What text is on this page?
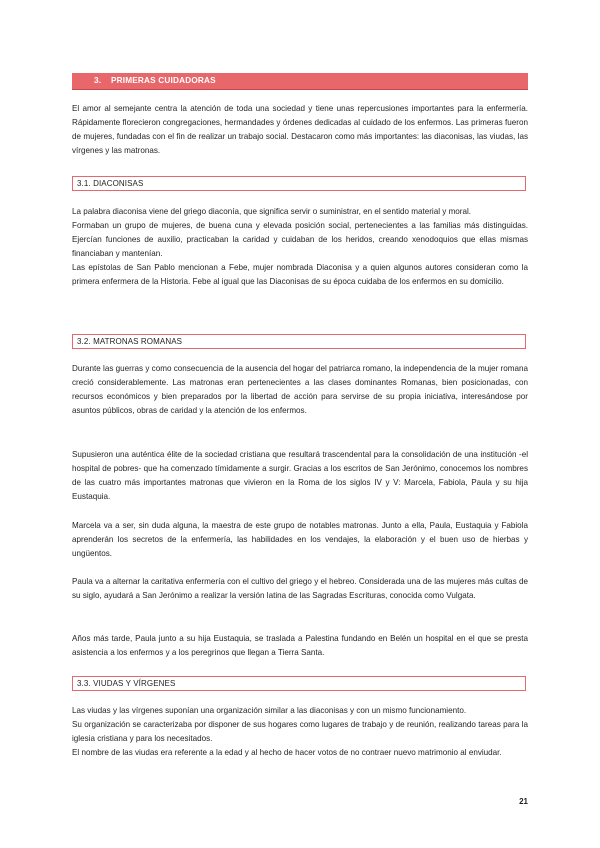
3. PRIMERAS CUIDADORAS

El amor al semejante centra la atención de toda una sociedad y tiene unas repercusiones importantes para la enfermería. Rápidamente florecieron congregaciones, hermandades y órdenes dedicadas al cuidado de los enfermos. Las primeras fueron de mujeres, fundadas con el fin de realizar un trabajo social. Destacaron como más importantes: las diaconisas, las viudas, las vírgenes y las matronas.

3.1. DIACONISAS

La palabra diaconisa viene del griego diaconía, que significa servir o suministrar, en el sentido material y moral.
Formaban un grupo de mujeres, de buena cuna y elevada posición social, pertenecientes a las familias más distinguidas. Ejercían funciones de auxilio, practicaban la caridad y cuidaban de los heridos, creando xenodoquios que ellas mismas financiaban y mantenían.
Las epístolas de San Pablo mencionan a Febe, mujer nombrada Diaconisa y a quien algunos autores consideran como la primera enfermera de la Historia. Febe al igual que las Diaconisas de su época cuidaba de los enfermos en su domicilio.

3.2. MATRONAS ROMANAS

Durante las guerras y como consecuencia de la ausencia del hogar del patriarca romano, la independencia de la mujer romana creció considerablemente. Las matronas eran pertenecientes a las clases dominantes Romanas, bien posicionadas, con recursos económicos y bien preparados por la libertad de acción para servirse de su propia iniciativa, interesándose por asuntos públicos, obras de caridad y la atención de los enfermos.

Supusieron una auténtica élite de la sociedad cristiana que resultará trascendental para la consolidación de una institución -el hospital de pobres- que ha comenzado tímidamente a surgir. Gracias a los escritos de San Jerónimo, conocemos los nombres de las cuatro más importantes matronas que vivieron en la Roma de los siglos IV y V: Marcela, Fabiola, Paula y su hija Eustaquia.

Marcela va a ser, sin duda alguna, la maestra de este grupo de notables matronas. Junto a ella, Paula, Eustaquia y Fabiola aprenderán los secretos de la enfermería, las habilidades en los vendajes, la elaboración y el buen uso de hierbas y ungüentos.

Paula va a alternar la caritativa enfermería con el cultivo del griego y el hebreo. Considerada una de las mujeres más cultas de su siglo, ayudará a San Jerónimo a realizar la versión latina de las Sagradas Escrituras, conocida como Vulgata.

Años más tarde, Paula junto a su hija Eustaquia, se traslada a Palestina fundando en Belén un hospital en el que se presta asistencia a los enfermos y a los peregrinos que llegan a Tierra Santa.

3.3. VIUDAS Y VÍRGENES

Las viudas y las vírgenes suponían una organización similar a las diaconisas y con un mismo funcionamiento.
Su organización se caracterizaba por disponer de sus hogares como lugares de trabajo y de reunión, realizando tareas para la iglesia cristiana y para los necesitados.
El nombre de las viudas era referente a la edad y al hecho de hacer votos de no contraer nuevo matrimonio al enviudar.

21
